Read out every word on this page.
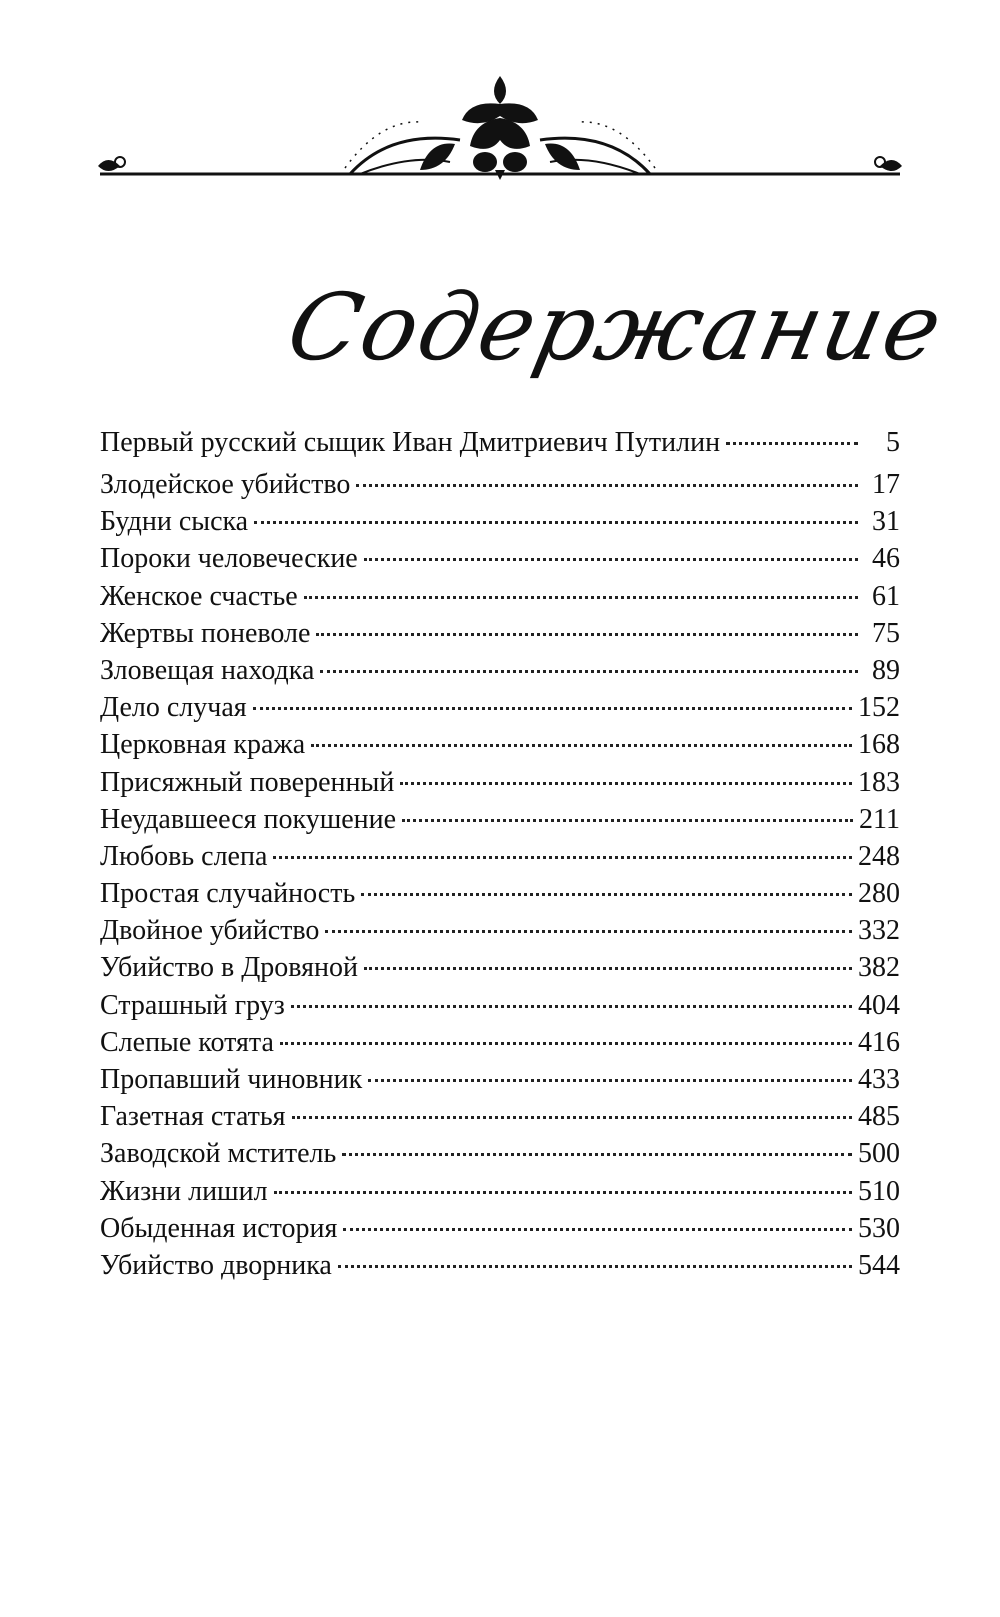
Содержание
Первый русский сыщик Иван Дмитриевич Путилин	5
Злодейское убийство	17
Будни сыска	31
Пороки человеческие	46
Женское счастье	61
Жертвы поневоле	75
Зловещая находка	89
Дело случая	152
Церковная кража	168
Присяжный поверенный	183
Неудавшееся покушение	211
Любовь слепа	248
Простая случайность	280
Двойное убийство	332
Убийство в Дровяной	382
Страшный груз	404
Слепые котята	416
Пропавший чиновник	433
Газетная статья	485
Заводской мститель	500
Жизни лишил	510
Обыденная история	530
Убийство дворника	544
